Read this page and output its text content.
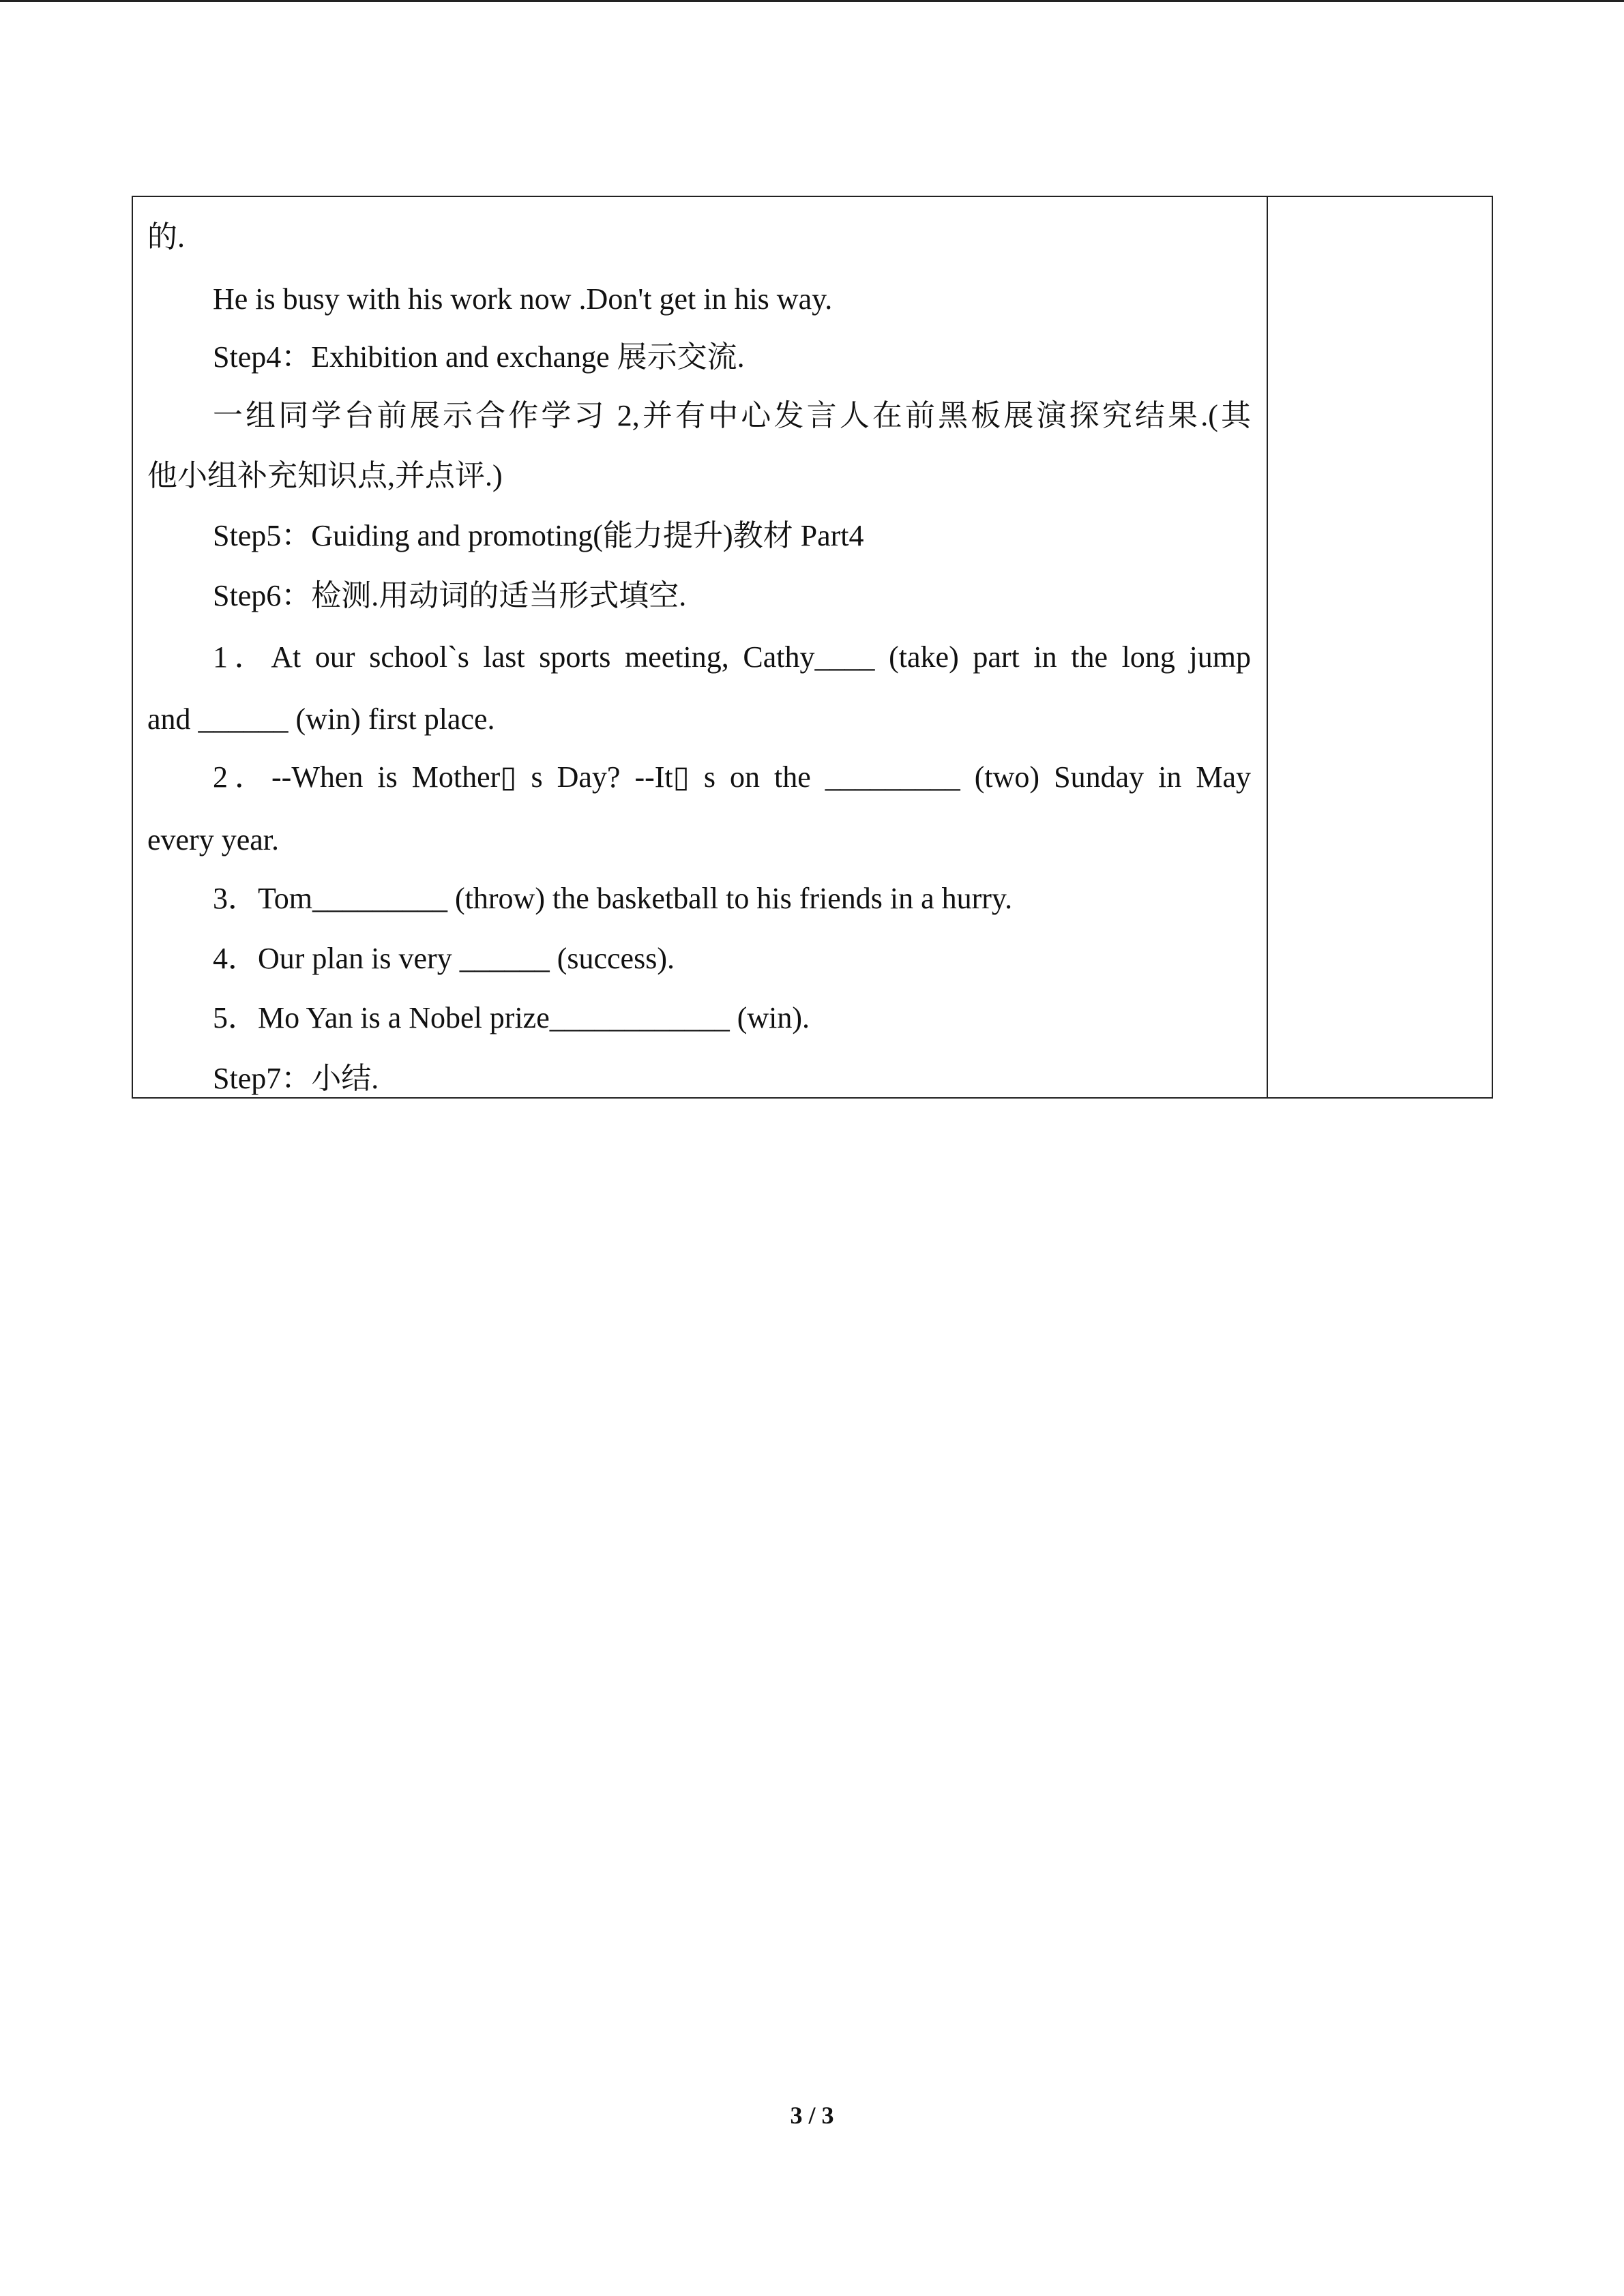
的.
He is busy with his work now .Don't get in his way.
Step4：Exhibition and exchange 展示交流.
一组同学台前展示合作学习 2,并有中心发言人在前黑板展演探究结果.(其
他小组补充知识点,并点评.)
Step5：Guiding and promoting(能力提升)教材 Part4
Step6：检测.用动词的适当形式填空.
1．At our school`s last sports meeting, Cathy____ (take) part in the long jump
and ______ (win) first place.
2．--When is Mother▯ s Day? --It▯ s on the _________ (two) Sunday in May
every year.
3．Tom_________ (throw) the basketball to his friends in a hurry.
4．Our plan is very ______ (success).
5．Mo Yan is a Nobel prize____________ (win).
Step7：小结.
3 / 3
